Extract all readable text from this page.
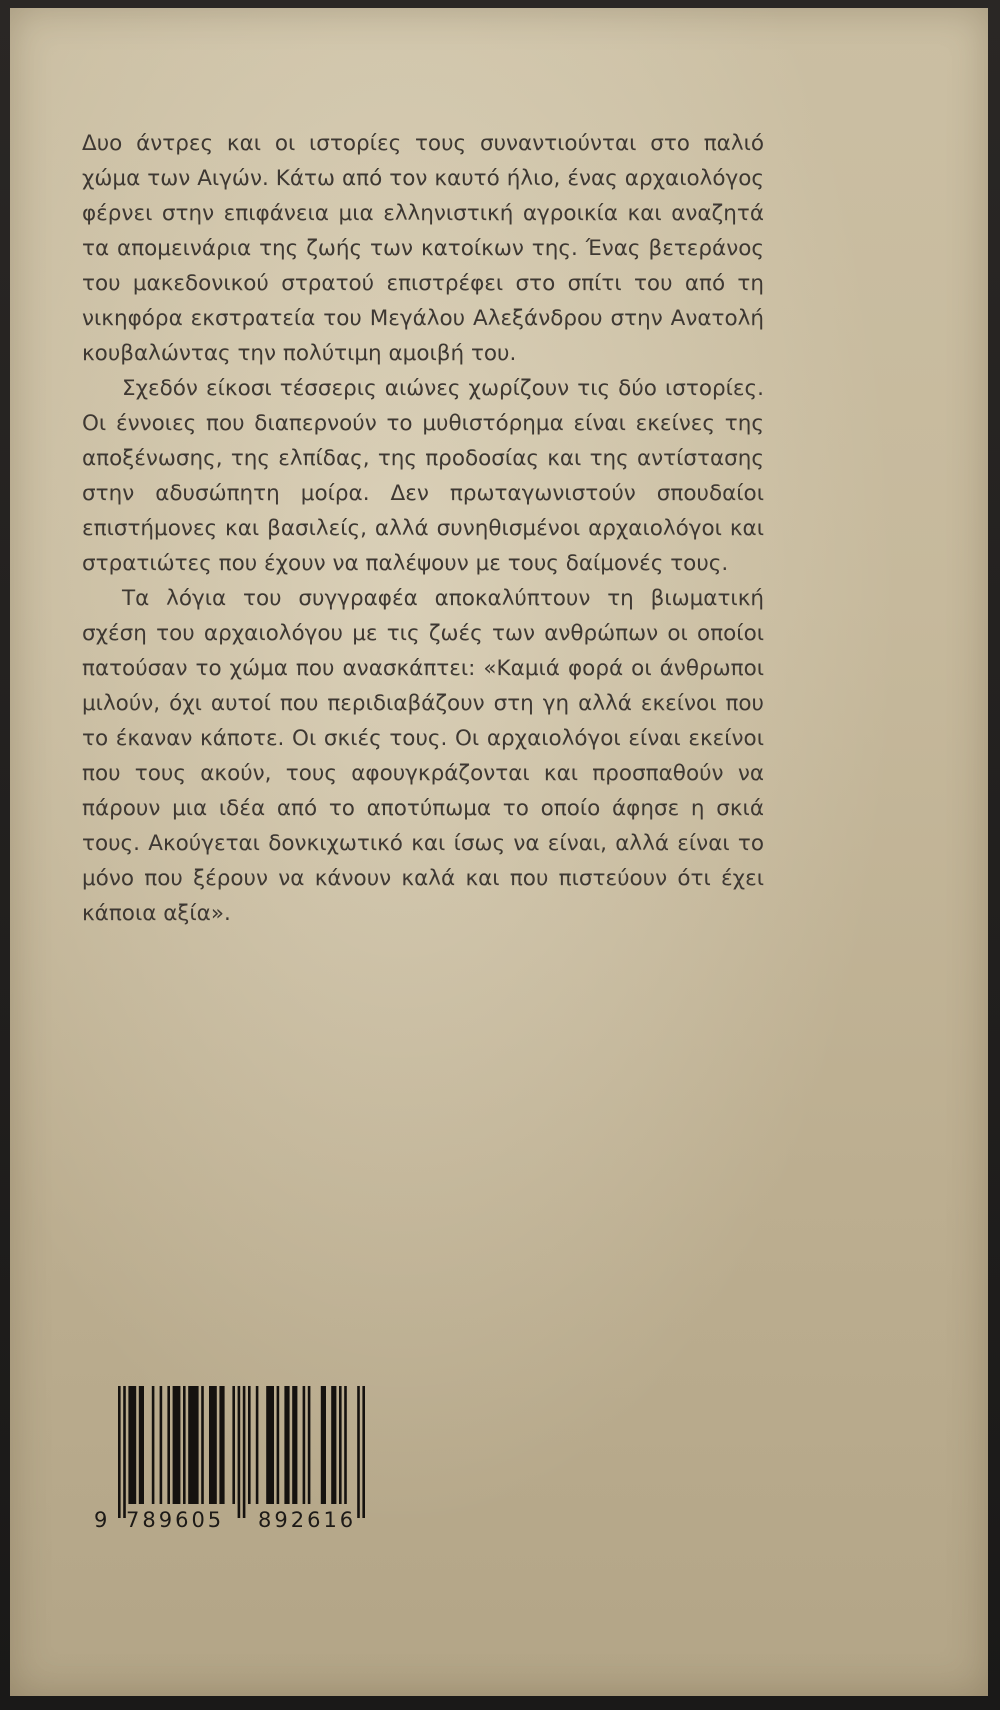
Δυο άντρες και οι ιστορίες τους συναντιούνται στο παλιό χώμα των Αιγών. Κάτω από τον καυτό ήλιο, ένας αρχαιολόγος φέρνει στην επιφάνεια μια ελληνιστική αγροικία και αναζητά τα απομεινάρια της ζωής των κατοίκων της. Ένας βετεράνος του μακεδονικού στρατού επιστρέφει στο σπίτι του από τη νικηφόρα εκστρατεία του Μεγάλου Αλεξάνδρου στην Ανατολή κουβαλώντας την πολύτιμη αμοιβή του.

Σχεδόν είκοσι τέσσερις αιώνες χωρίζουν τις δύο ιστορίες. Οι έννοιες που διαπερνούν το μυθιστόρημα είναι εκείνες της αποξένωσης, της ελπίδας, της προδοσίας και της αντίστασης στην αδυσώπητη μοίρα. Δεν πρωταγωνιστούν σπουδαίοι επιστήμονες και βασιλείς, αλλά συνηθισμένοι αρχαιολόγοι και στρατιώτες που έχουν να παλέψουν με τους δαίμονές τους.

Τα λόγια του συγγραφέα αποκαλύπτουν τη βιωματική σχέση του αρχαιολόγου με τις ζωές των ανθρώπων οι οποίοι πατούσαν το χώμα που ανασκάπτει: «Καμιά φορά οι άνθρωποι μιλούν, όχι αυτοί που περιδιαβάζουν στη γη αλλά εκείνοι που το έκαναν κάποτε. Οι σκιές τους. Οι αρχαιολόγοι είναι εκείνοι που τους ακούν, τους αφουγκράζονται και προσπαθούν να πάρουν μια ιδέα από το αποτύπωμα το οποίο άφησε η σκιά τους. Ακούγεται δονκιχωτικό και ίσως να είναι, αλλά είναι το μόνο που ξέρουν να κάνουν καλά και που πιστεύουν ότι έχει κάποια αξία».

9 789605	892616
